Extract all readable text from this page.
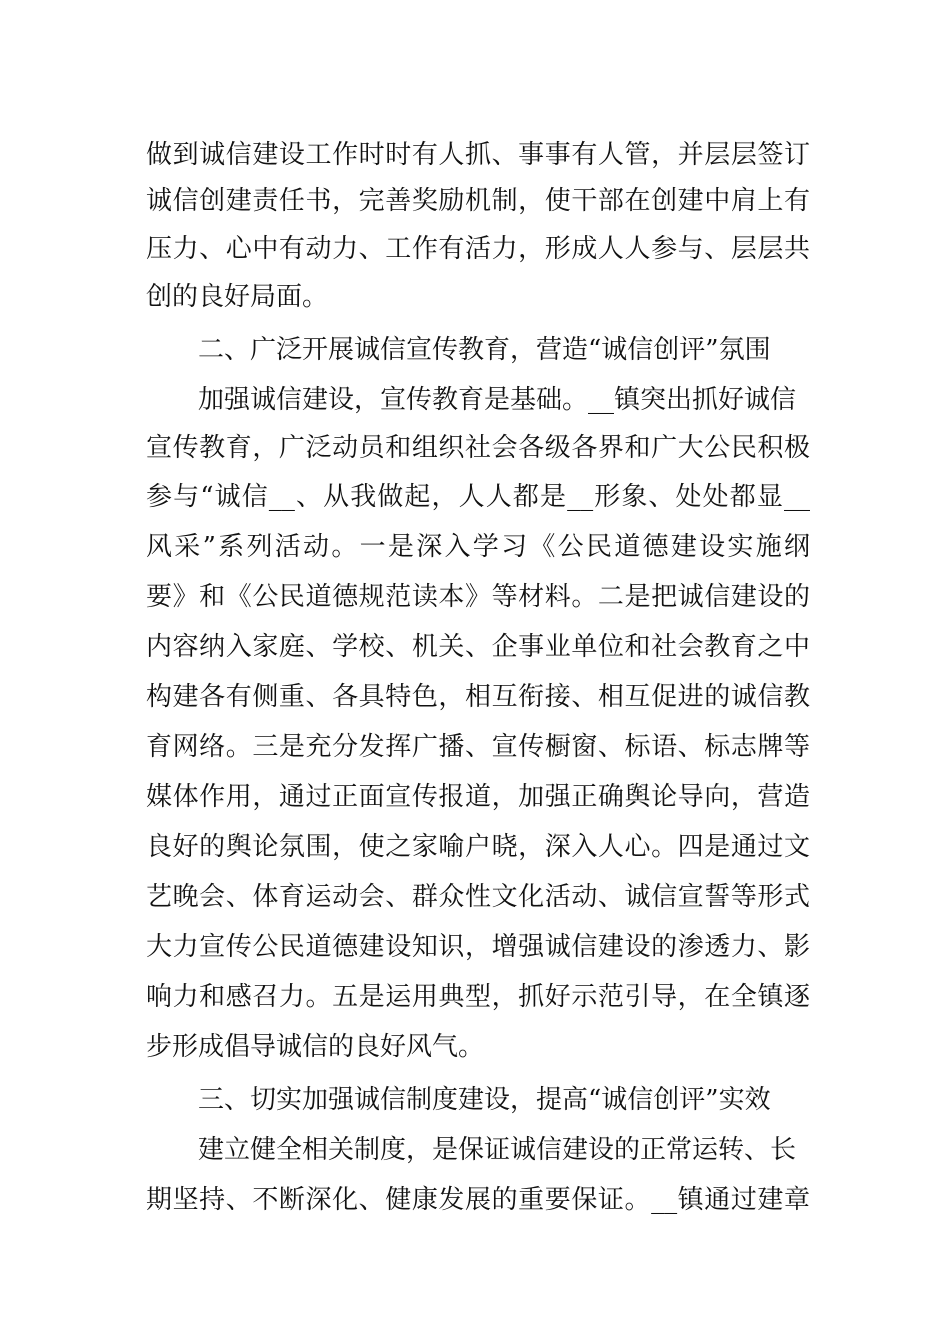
做到诚信建设工作时时有人抓、事事有人管，并层层签订
诚信创建责任书，完善奖励机制，使干部在创建中肩上有
压力、心中有动力、工作有活力，形成人人参与、层层共
创的良好局面。
二、广泛开展诚信宣传教育，营造“诚信创评”氛围
加强诚信建设，宣传教育是基础。__镇突出抓好诚信
宣传教育，广泛动员和组织社会各级各界和广大公民积极
参与“诚信__、从我做起，人人都是__形象、处处都显__
风采”系列活动。一是深入学习《公民道德建设实施纲
要》和《公民道德规范读本》等材料。二是把诚信建设的
内容纳入家庭、学校、机关、企事业单位和社会教育之中
构建各有侧重、各具特色，相互衔接、相互促进的诚信教
育网络。三是充分发挥广播、宣传橱窗、标语、标志牌等
媒体作用，通过正面宣传报道，加强正确舆论导向，营造
良好的舆论氛围，使之家喻户晓，深入人心。四是通过文
艺晚会、体育运动会、群众性文化活动、诚信宣誓等形式
大力宣传公民道德建设知识，增强诚信建设的渗透力、影
响力和感召力。五是运用典型，抓好示范引导，在全镇逐
步形成倡导诚信的良好风气。
三、切实加强诚信制度建设，提高“诚信创评”实效
建立健全相关制度，是保证诚信建设的正常运转、长
期坚持、不断深化、健康发展的重要保证。__镇通过建章
